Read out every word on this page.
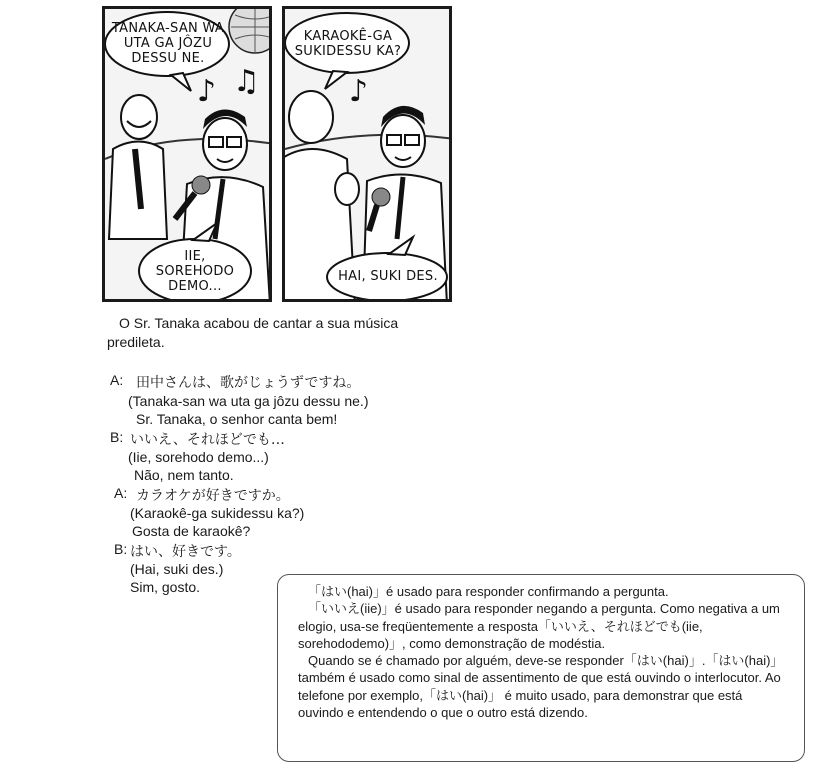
♪ ♫
TANAKA-SAN WA
UTA GA JÔZU
DESSU NE.
IIE,
SOREHODO
DEMO...
♪
KARAOKÊ-GA
SUKIDESSU KA?
HAI, SUKI DES.
O Sr. Tanaka acabou de cantar a sua música predileta.
A: 田中さんは、歌がじょうずですね。
(Tanaka-san wa uta ga jôzu dessu ne.)
Sr. Tanaka, o senhor canta bem!
B: いいえ、それほどでも…
(Iie, sorehodo demo...)
Não, nem tanto.
A: カラオケが好きですか。
(Karaokê-ga sukidessu ka?)
Gosta de karaokê?
B: はい、好きです。
(Hai, suki des.)
Sim, gosto.	「はい(hai)」é usado para responder confirmando a pergunta.

「いいえ(iie)」é usado para responder negando a pergunta. Como negativa a um elogio, usa-se freqüentemente a resposta「いいえ、それほどでも(iie, sorehododemo)」, como demonstração de modéstia.

Quando se é chamado por alguém, deve-se responder「はい(hai)」.「はい(hai)」 também é usado como sinal de assentimento de que está ouvindo o interlocutor. Ao telefone por exemplo,「はい(hai)」 é muito usado, para demonstrar que está ouvindo e entendendo o que o outro está dizendo.
